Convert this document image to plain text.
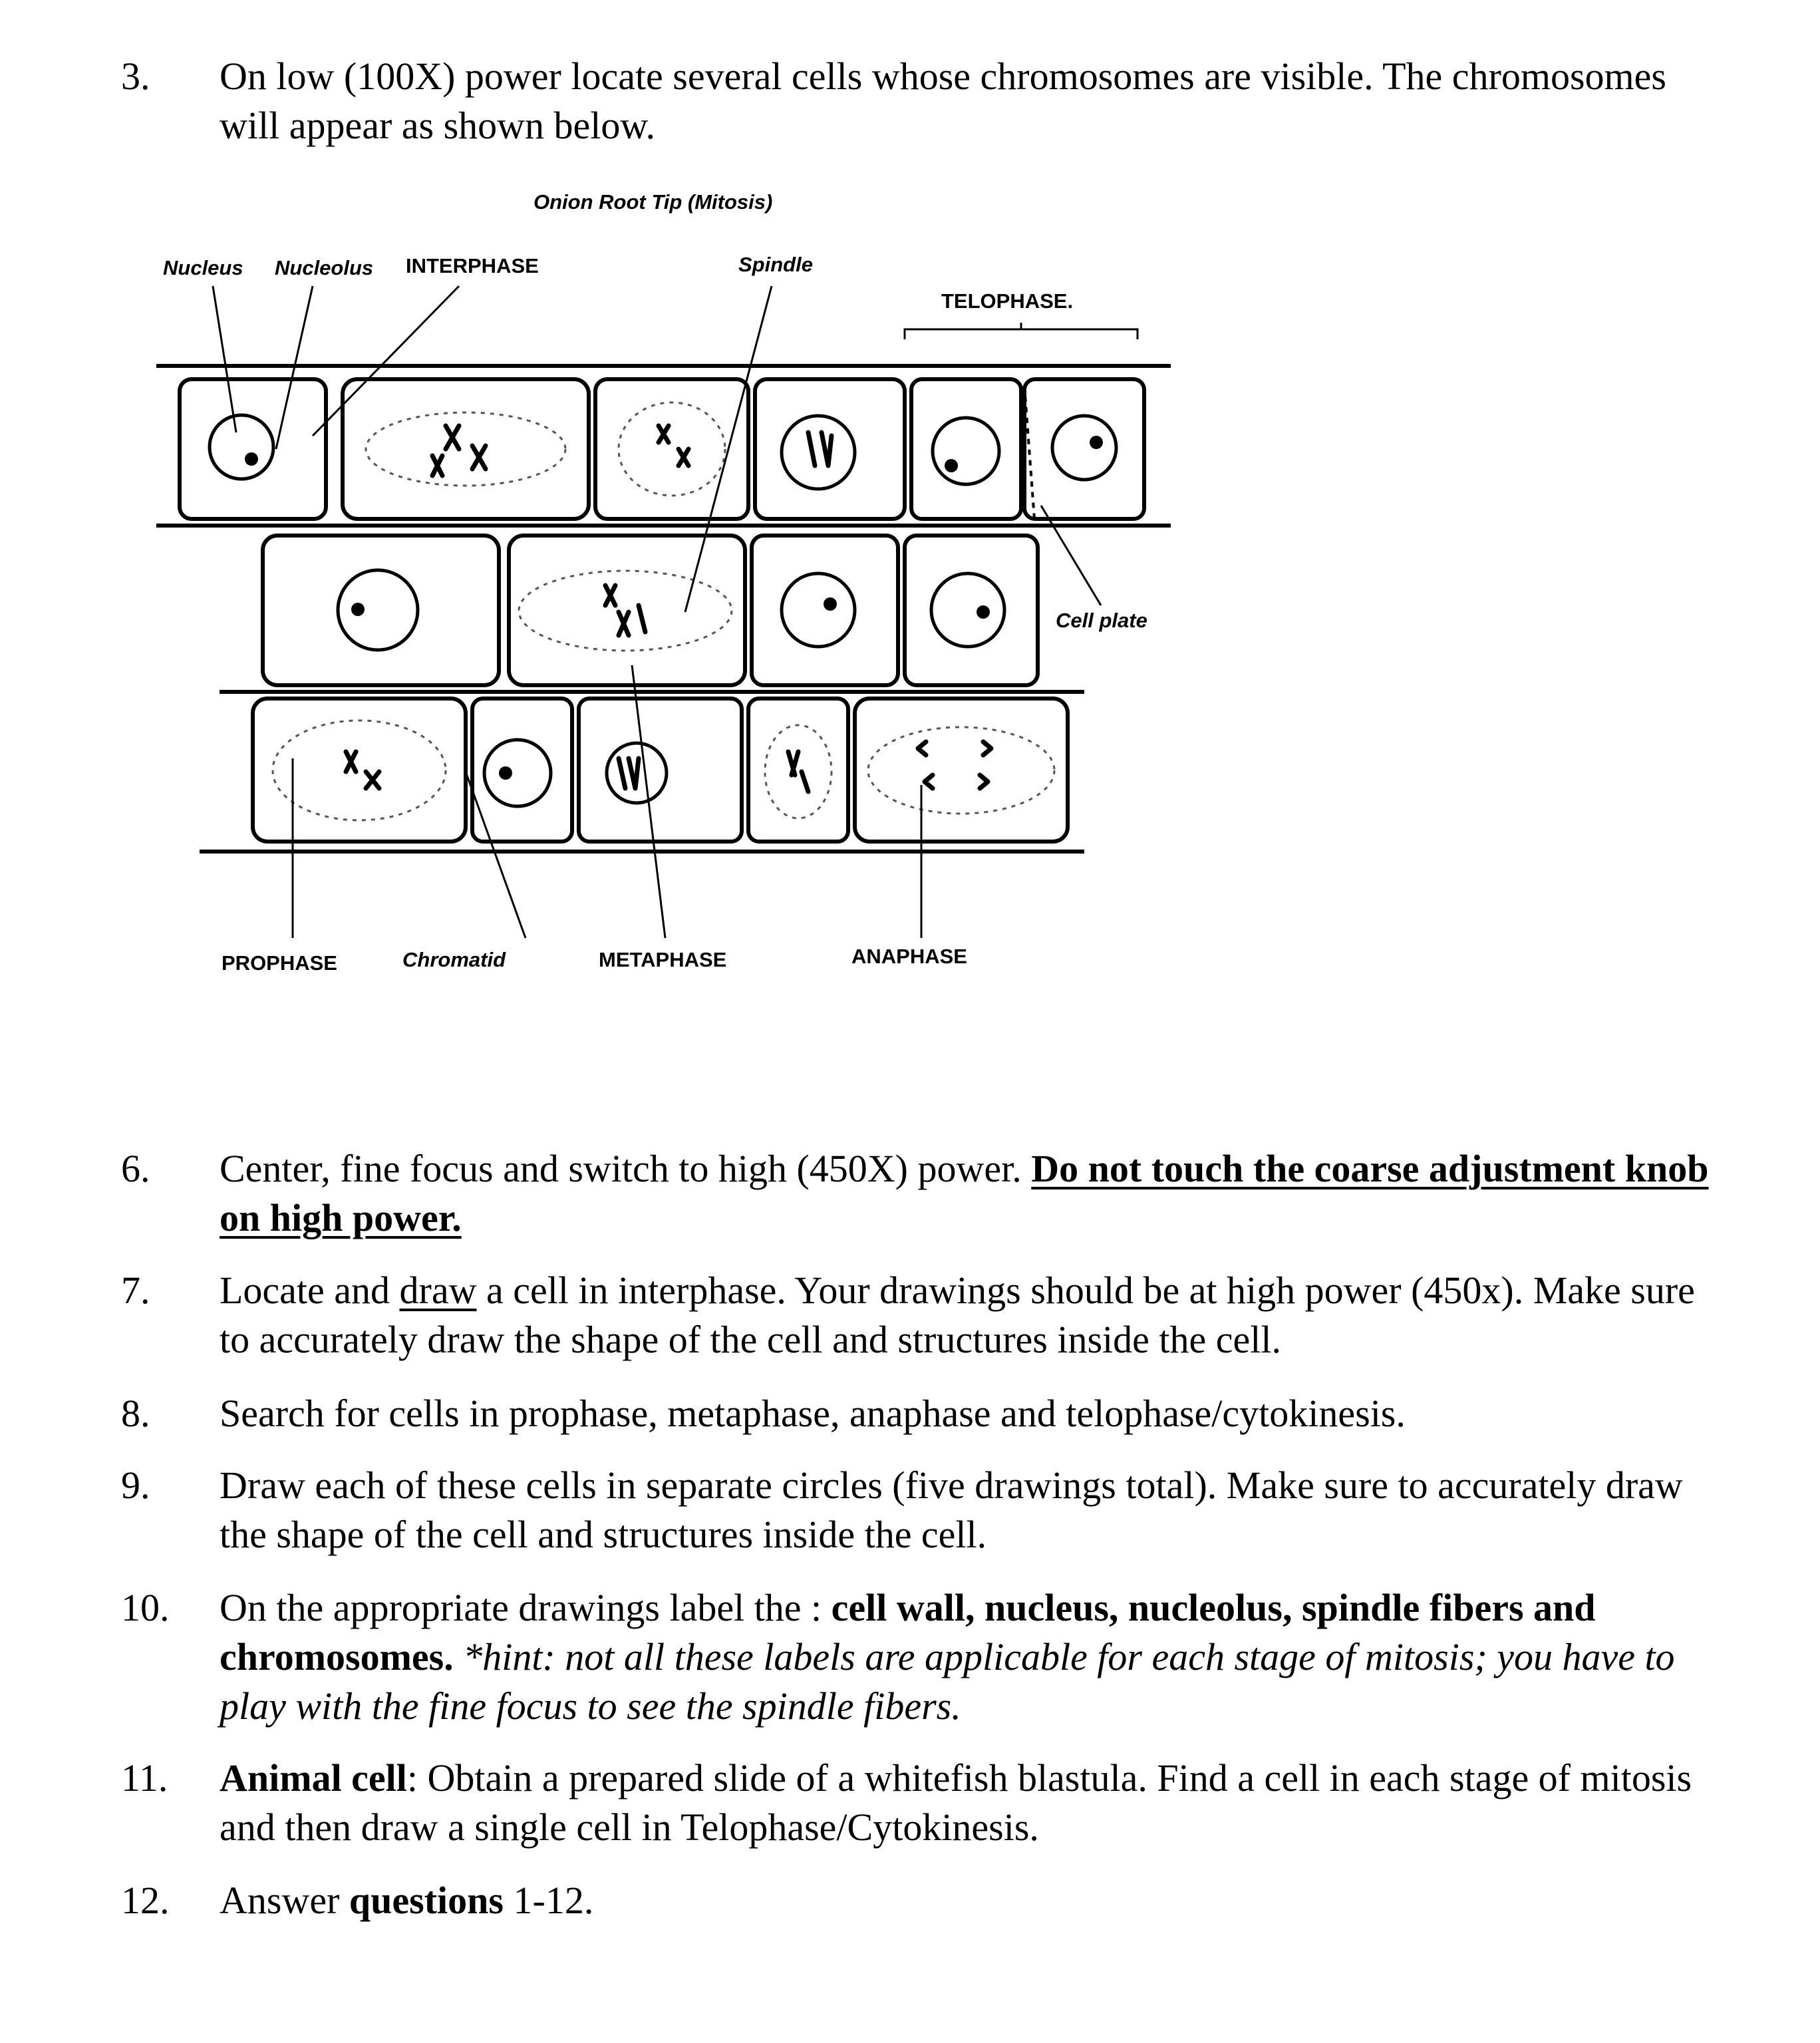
3.	On low (100X) power locate several cells whose chromosomes are visible. The chromosomes will appear as shown below.
Onion Root Tip (Mitosis)
Nucleus Nucleolus INTERPHASE	Spindle
TELOPHASE.
Cell plate
PROPHASE	Chromatid	METAPHASE	ANAPHASE
6.	Center, fine focus and switch to high (450X) power. Do not touch the coarse adjustment knob on high power.
7.	Locate and draw a cell in interphase. Your drawings should be at high power (450x). Make sure to accurately draw the shape of the cell and structures inside the cell.
8.	Search for cells in prophase, metaphase, anaphase and telophase/cytokinesis.
9.	Draw each of these cells in separate circles (five drawings total). Make sure to accurately draw the shape of the cell and structures inside the cell.
10.	On the appropriate drawings label the : cell wall, nucleus, nucleolus, spindle fibers and chromosomes. *hint: not all these labels are applicable for each stage of mitosis; you have to play with the fine focus to see the spindle fibers.
11.	Animal cell: Obtain a prepared slide of a whitefish blastula. Find a cell in each stage of mitosis and then draw a single cell in Telophase/Cytokinesis.
12.	Answer questions 1-12.
